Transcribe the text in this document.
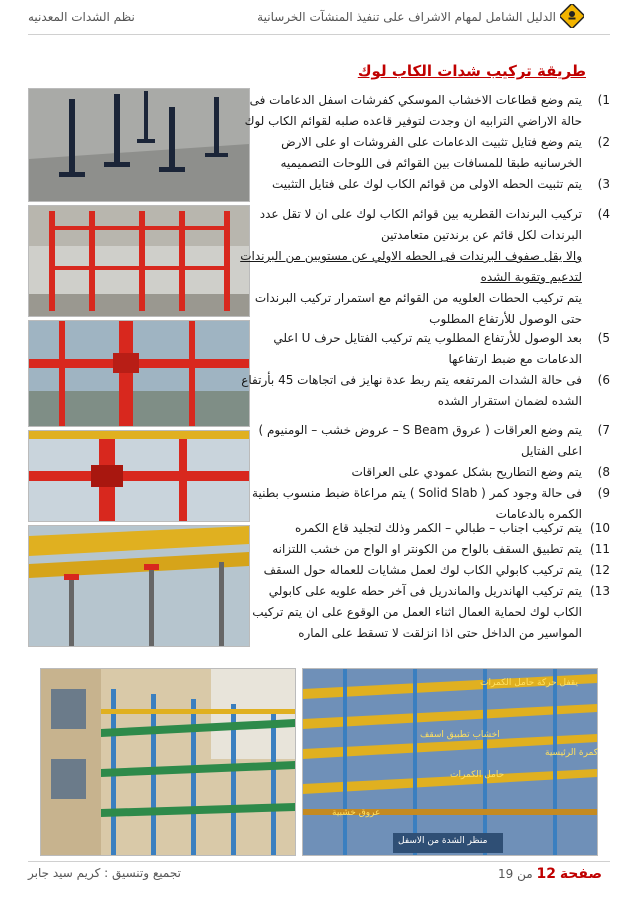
الدليل الشامل لمهام الاشراف على تنفيذ المنشآت الخرسانية
نظم الشدات المعدنيه
طريقة تركيب شدات الكاب لوك
1)
يتم وضع قطاعات الاخشاب الموسكي كفرشات اسفل الدعامات فى
حالة الاراضي الترابيه ان وجدت لتوفير قاعده صلبه لقوائم الكاب لوك
2)
يتم وضع فتايل تثبيت الدعامات على الفروشات او على الارض
الخرسانيه طبقا للمسافات بين القوائم فى اللوحات التصميميه
3)
يتم تثبيت الحطه الاولى من قوائم الكاب لوك على فتايل التثبيت
4)
تركيب البرندات القطريه بين قوائم الكاب لوك على ان لا تقل عدد
البرندات لكل قائم عن برندتين متعامدتين
والا يقل صفوف البرندات فى الحطه الاولي عن مستويين من البرندات
لتدعيم وتقوية الشده
يتم تركيب الحطات العلويه من القوائم مع استمرار تركيب البرندات
حتى الوصول للأرتفاع المطلوب
5)
بعد الوصول للأرتفاع المطلوب يتم تركيب الفتايل حرف U اعلي
الدعامات مع ضبط ارتفاعها
6)
فى حالة الشدات المرتفعه يتم ربط عدة نهايز فى اتجاهات 45 بأرتفاع
الشده لضمان استقرار الشده
7)
يتم وضع العراقات ( عروق S Beam – عروض خشب – الومنيوم )
اعلى الفتايل
8)
يتم وضع التطاريح بشكل عمودي على العراقات
9)
فى حالة وجود كمر ( Solid Slab ) يتم مراعاة ضبط منسوب بطنية
الكمره بالدعامات
10)
يتم تركيب اجناب – طبالي – الكمر وذلك لتجليد قاع الكمره
11)
يتم تطبيق السقف بالواح من الكونتر او الواح من خشب اللتزانه
12)
يتم تركيب كابولي الكاب لوك لعمل مشايات للعماله حول السقف
13)
يتم تركيب الهاندريل والماندريل فى آخر حطه علويه على كابولي
الكاب لوك لحماية العمال اثناء العمل من الوقوع على ان يتم تركيب
المواسير من الداخل حتى اذا انزلقت لا تسقط على الماره
يقفل حركة حامل الكمرات
اخشاب تطبيق اسقف
كمرة الرئيسية
حامل الكمرات
عروق خشبية
منظر الشدة من الاسفل
صفحة 12 من 19
تجميع وتنسيق : كريم سيد جابر
